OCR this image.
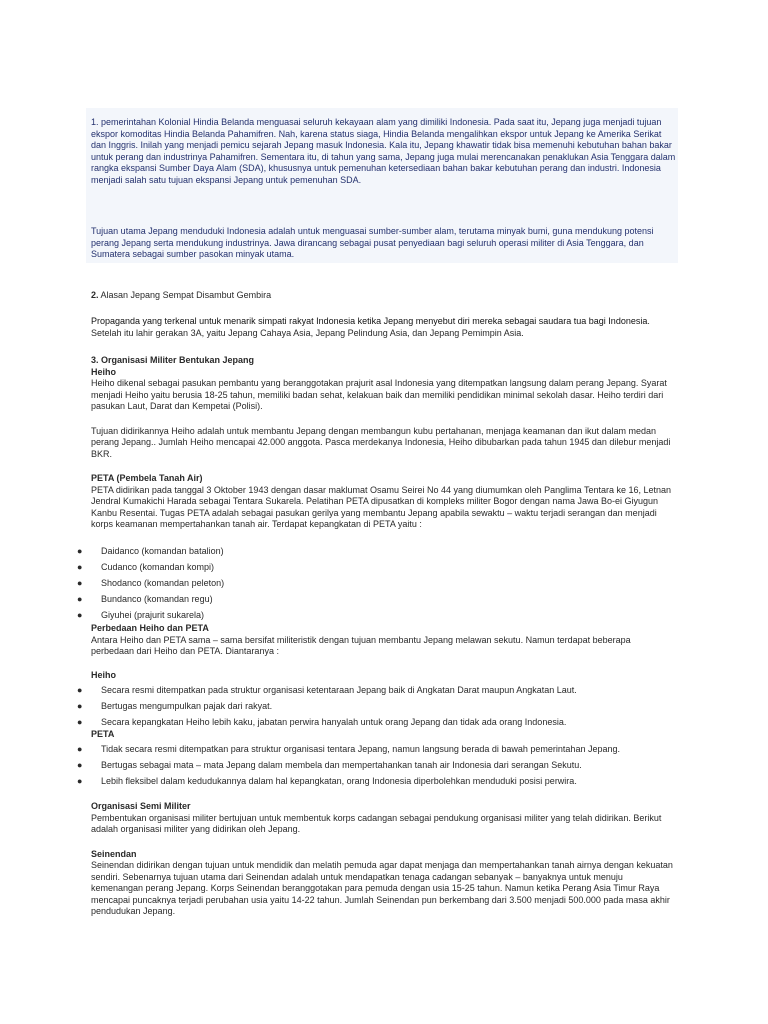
1. pemerintahan Kolonial Hindia Belanda menguasai seluruh kekayaan alam yang dimiliki Indonesia. Pada saat itu, Jepang juga menjadi tujuan ekspor komoditas Hindia Belanda Pahamifren. Nah, karena status siaga, Hindia Belanda mengalihkan ekspor untuk Jepang ke Amerika Serikat dan Inggris. Inilah yang menjadi pemicu sejarah Jepang masuk Indonesia. Kala itu, Jepang khawatir tidak bisa memenuhi kebutuhan bahan bakar untuk perang dan industrinya Pahamifren. Sementara itu, di tahun yang sama, Jepang juga mulai merencanakan penaklukan Asia Tenggara dalam rangka ekspansi Sumber Daya Alam (SDA), khususnya untuk pemenuhan ketersediaan bahan bakar kebutuhan perang dan industri. Indonesia menjadi salah satu tujuan ekspansi Jepang untuk pemenuhan SDA.

Tujuan utama Jepang menduduki Indonesia adalah untuk menguasai sumber-sumber alam, terutama minyak bumi, guna mendukung potensi perang Jepang serta mendukung industrinya. Jawa dirancang sebagai pusat penyediaan bagi seluruh operasi militer di Asia Tenggara, dan Sumatera sebagai sumber pasokan minyak utama.

2. Alasan Jepang Sempat Disambut Gembira

Propaganda yang terkenal untuk menarik simpati rakyat Indonesia ketika Jepang menyebut diri mereka sebagai saudara tua bagi Indonesia. Setelah itu lahir gerakan 3A, yaitu Jepang Cahaya Asia, Jepang Pelindung Asia, dan Jepang Pemimpin Asia.

3. Organisasi Militer Bentukan Jepang
Heiho
Heiho dikenal sebagai pasukan pembantu yang beranggotakan prajurit asal Indonesia yang ditempatkan langsung dalam perang Jepang. Syarat menjadi Heiho yaitu berusia 18-25 tahun, memiliki badan sehat, kelakuan baik dan memiliki pendidikan minimal sekolah dasar. Heiho terdiri dari pasukan Laut, Darat dan Kempetai (Polisi).
Tujuan didirikannya Heiho adalah untuk membantu Jepang dengan membangun kubu pertahanan, menjaga keamanan dan ikut dalam medan perang Jepang.. Jumlah Heiho mencapai 42.000 anggota. Pasca merdekanya Indonesia, Heiho dibubarkan pada tahun 1945 dan dilebur menjadi BKR.
PETA (Pembela Tanah Air)
PETA didirikan pada tanggal 3 Oktober 1943 dengan dasar maklumat Osamu Seirei No 44 yang diumumkan oleh Panglima Tentara ke 16, Letnan Jendral Kumakichi Harada sebagai Tentara Sukarela. Pelatihan PETA dipusatkan di kompleks militer Bogor dengan nama Jawa Bo-ei Giyugun Kanbu Resentai. Tugas PETA adalah sebagai pasukan gerilya yang membantu Jepang apabila sewaktu – waktu terjadi serangan dan menjadi korps keamanan mempertahankan tanah air. Terdapat kepangkatan di PETA yaitu :
● Daidanco (komandan batalion)
● Cudanco (komandan kompi)
● Shodanco (komandan peleton)
● Bundanco (komandan regu)
● Giyuhei (prajurit sukarela)
Perbedaan Heiho dan PETA
Antara Heiho dan PETA sama – sama bersifat militeristik dengan tujuan membantu Jepang melawan sekutu. Namun terdapat beberapa perbedaan dari Heiho dan PETA. Diantaranya :
Heiho
● Secara resmi ditempatkan pada struktur organisasi ketentaraan Jepang baik di Angkatan Darat maupun Angkatan Laut.
● Bertugas mengumpulkan pajak dari rakyat.
● Secara kepangkatan Heiho lebih kaku, jabatan perwira hanyalah untuk orang Jepang dan tidak ada orang Indonesia.
PETA
● Tidak secara resmi ditempatkan para struktur organisasi tentara Jepang, namun langsung berada di bawah pemerintahan Jepang.
● Bertugas sebagai mata – mata Jepang dalam membela dan mempertahankan tanah air Indonesia dari serangan Sekutu.
● Lebih fleksibel dalam kedudukannya dalam hal kepangkatan, orang Indonesia diperbolehkan menduduki posisi perwira.
Organisasi Semi Militer
Pembentukan organisasi militer bertujuan untuk membentuk korps cadangan sebagai pendukung organisasi militer yang telah didirikan. Berikut adalah organisasi militer yang didirikan oleh Jepang.
Seinendan
Seinendan didirikan dengan tujuan untuk mendidik dan melatih pemuda agar dapat menjaga dan mempertahankan tanah airnya dengan kekuatan sendiri. Sebenarnya tujuan utama dari Seinendan adalah untuk mendapatkan tenaga cadangan sebanyak – banyaknya untuk menuju kemenangan perang Jepang. Korps Seinendan beranggotakan para pemuda dengan usia 15-25 tahun. Namun ketika Perang Asia Timur Raya mencapai puncaknya terjadi perubahan usia yaitu 14-22 tahun. Jumlah Seinendan pun berkembang dari 3.500 menjadi 500.000 pada masa akhir pendudukan Jepang.
